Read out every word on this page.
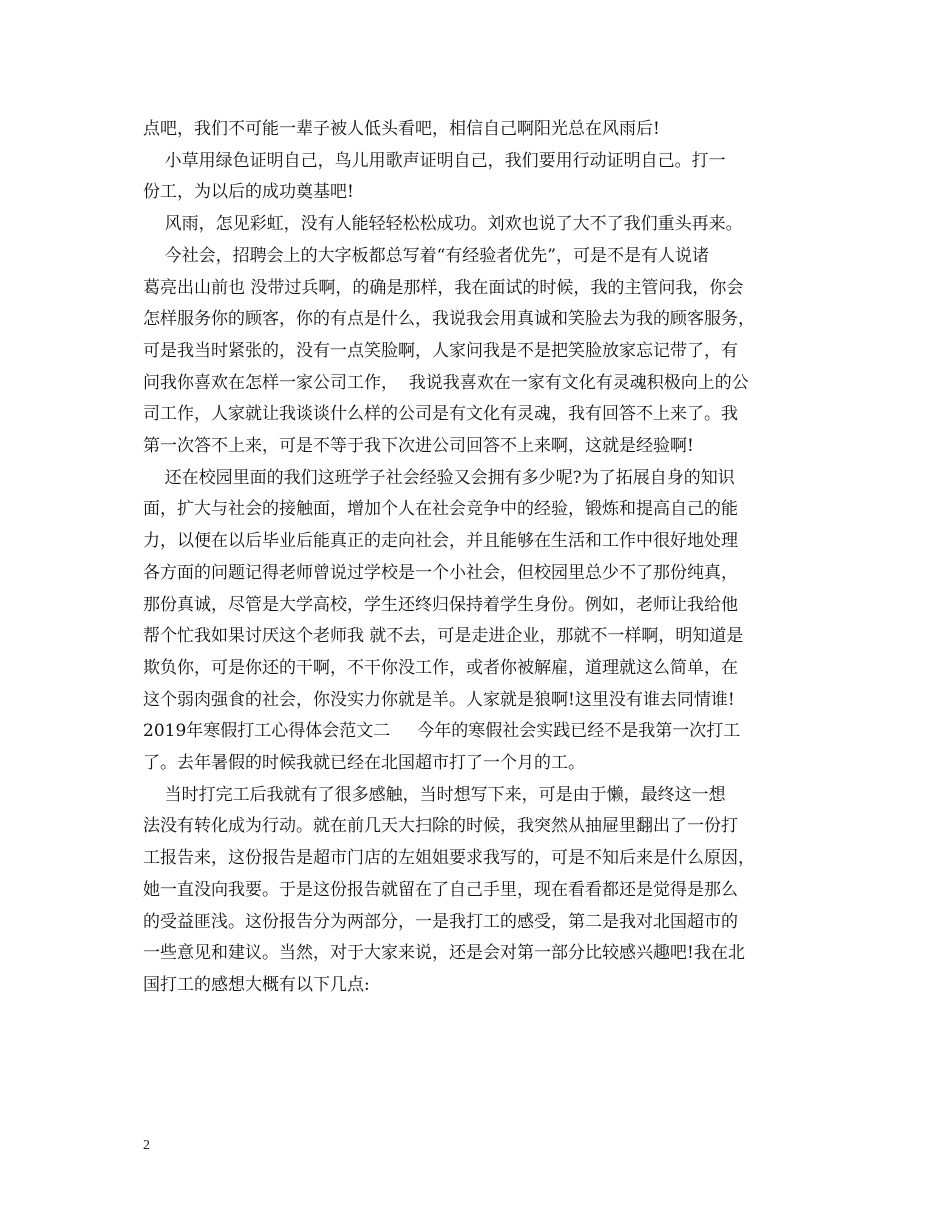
点吧，我们不可能一辈子被人低头看吧，相信自己啊阳光总在风雨后!
小草用绿色证明自己，鸟儿用歌声证明自己，我们要用行动证明自己。打一
份工，为以后的成功奠基吧!
风雨，怎见彩虹，没有人能轻轻松松成功。刘欢也说了大不了我们重头再来。
今社会，招聘会上的大字板都总写着“有经验者优先”，可是不是有人说诸
葛亮出山前也 没带过兵啊，的确是那样，我在面试的时候，我的主管问我，你会
怎样服务你的顾客，你的有点是什么，我说我会用真诚和笑脸去为我的顾客服务，
可是我当时紧张的，没有一点笑脸啊，人家问我是不是把笑脸放家忘记带了，有
问我你喜欢在怎样一家公司工作，  我说我喜欢在一家有文化有灵魂积极向上的公
司工作，人家就让我谈谈什么样的公司是有文化有灵魂，我有回答不上来了。我
第一次答不上来，可是不等于我下次进公司回答不上来啊，这就是经验啊!
还在校园里面的我们这班学子社会经验又会拥有多少呢?为了拓展自身的知识
面，扩大与社会的接触面，增加个人在社会竞争中的经验，锻炼和提高自己的能
力，以便在以后毕业后能真正的走向社会，并且能够在生活和工作中很好地处理
各方面的问题记得老师曾说过学校是一个小社会，但校园里总少不了那份纯真，
那份真诚，尽管是大学高校，学生还终归保持着学生身份。例如，老师让我给他
帮个忙我如果讨厌这个老师我 就不去，可是走进企业，那就不一样啊，明知道是
欺负你，可是你还的干啊，不干你没工作，或者你被解雇，道理就这么简单，在
这个弱肉强食的社会，你没实力你就是羊。人家就是狼啊!这里没有谁去同情谁!
2019年寒假打工心得体会范文二     今年的寒假社会实践已经不是我第一次打工
了。去年暑假的时候我就已经在北国超市打了一个月的工。
当时打完工后我就有了很多感触，当时想写下来，可是由于懒，最终这一想
法没有转化成为行动。就在前几天大扫除的时候，我突然从抽屉里翻出了一份打
工报告来，这份报告是超市门店的左姐姐要求我写的，可是不知后来是什么原因，
她一直没向我要。于是这份报告就留在了自己手里，现在看看都还是觉得是那么
的受益匪浅。这份报告分为两部分，一是我打工的感受，第二是我对北国超市的
一些意见和建议。当然，对于大家来说，还是会对第一部分比较感兴趣吧!我在北
国打工的感想大概有以下几点:
2
